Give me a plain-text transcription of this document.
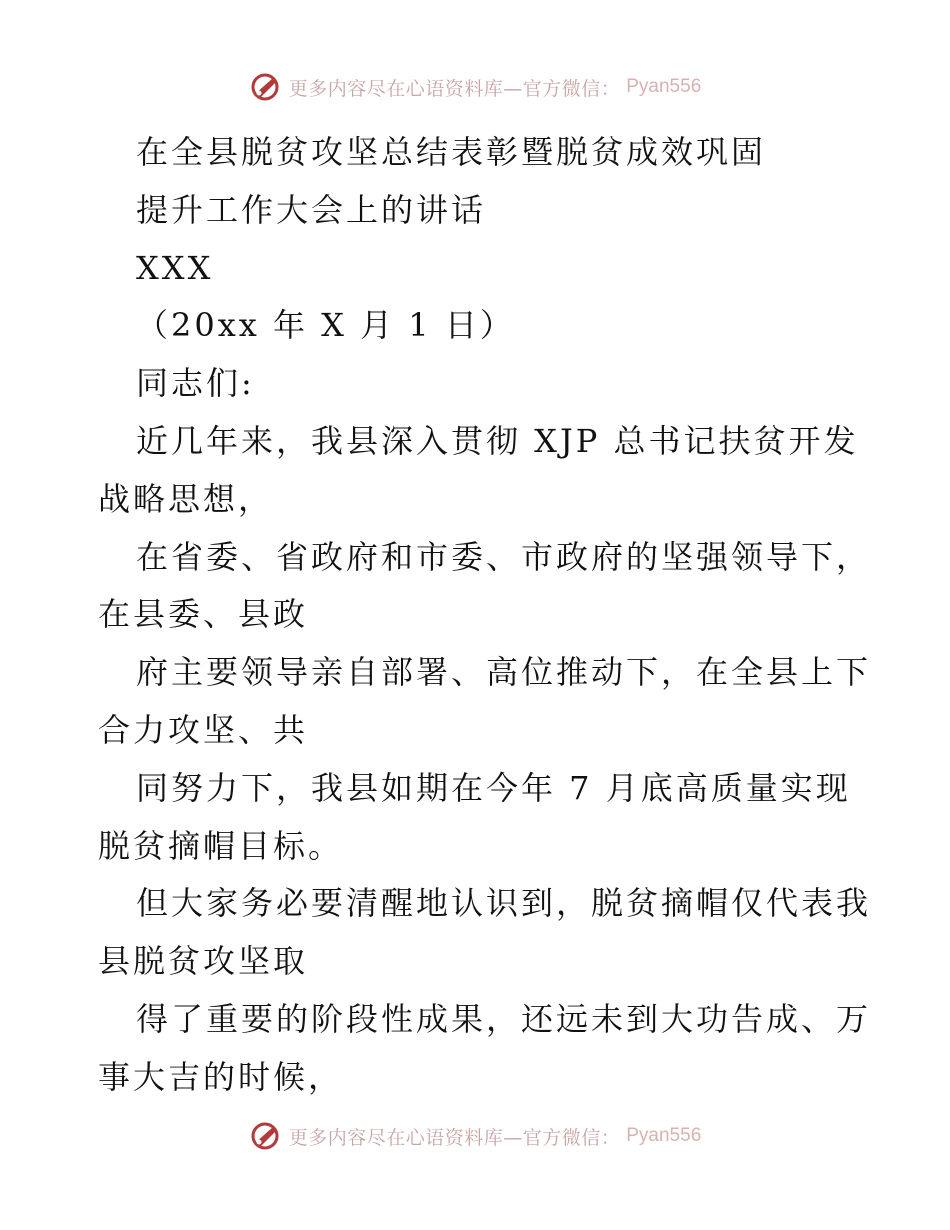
更多内容尽在心语资料库—官方微信： Pyan556
在全县脱贫攻坚总结表彰暨脱贫成效巩固
提升工作大会上的讲话
XXX
（20xx 年 X 月 1 日）
同志们:
近几年来，我县深入贯彻 XJP 总书记扶贫开发
战略思想，
在省委、省政府和市委、市政府的坚强领导下，
在县委、县政
府主要领导亲自部署、高位推动下，在全县上下
合力攻坚、共
同努力下，我县如期在今年 7 月底高质量实现
脱贫摘帽目标。
但大家务必要清醒地认识到，脱贫摘帽仅代表我
县脱贫攻坚取
得了重要的阶段性成果，还远未到大功告成、万
事大吉的时候，
更多内容尽在心语资料库—官方微信： Pyan556
